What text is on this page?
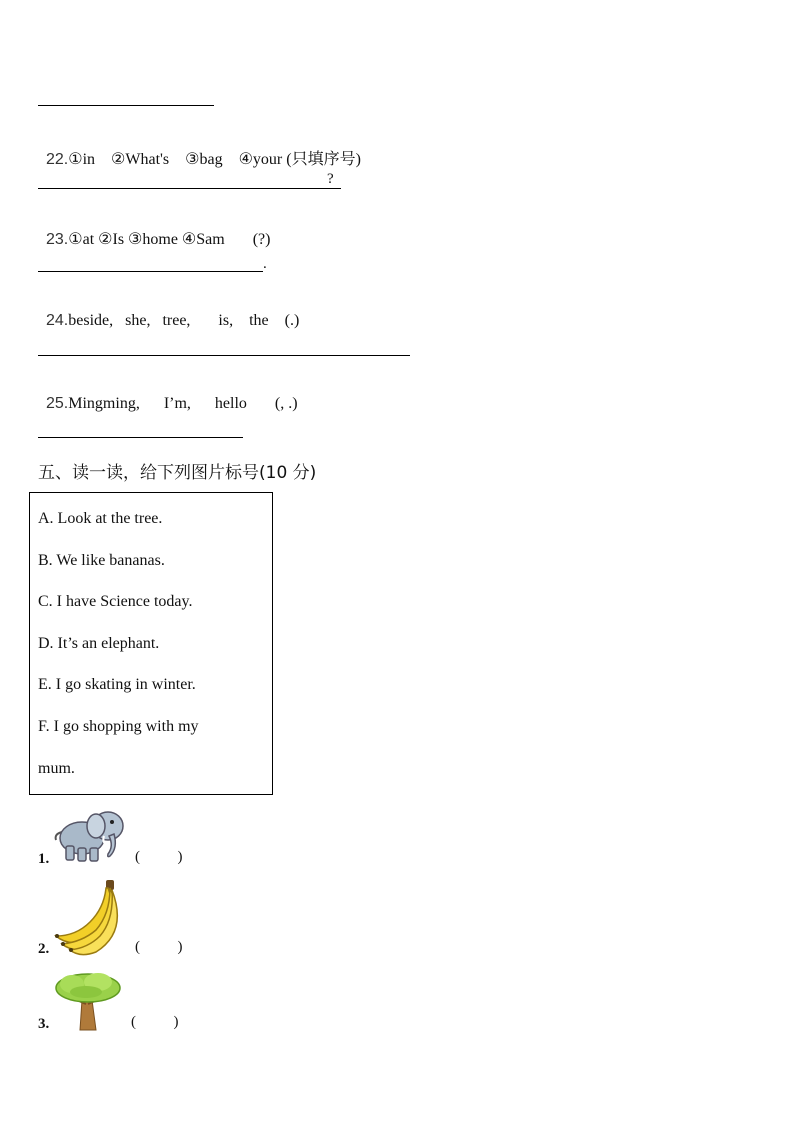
22.①in    ②What's    ③bag    ④your (只填序号)

?

23.①at ②Is ③home ④Sam       (?)

.

24.beside,   she,   tree,       is,    the    (.)

25.Mingming,      I’m,      hello       (, .)

五、读一读，给下列图片标号(10 分)
A. Look at the tree.
B. We like bananas.
C. I have Science today.
D. It’s an elephant.
E. I go skating in winter.
F. I go shopping with my
mum.
1.	(          )
2.	(          )
3.	(          )
